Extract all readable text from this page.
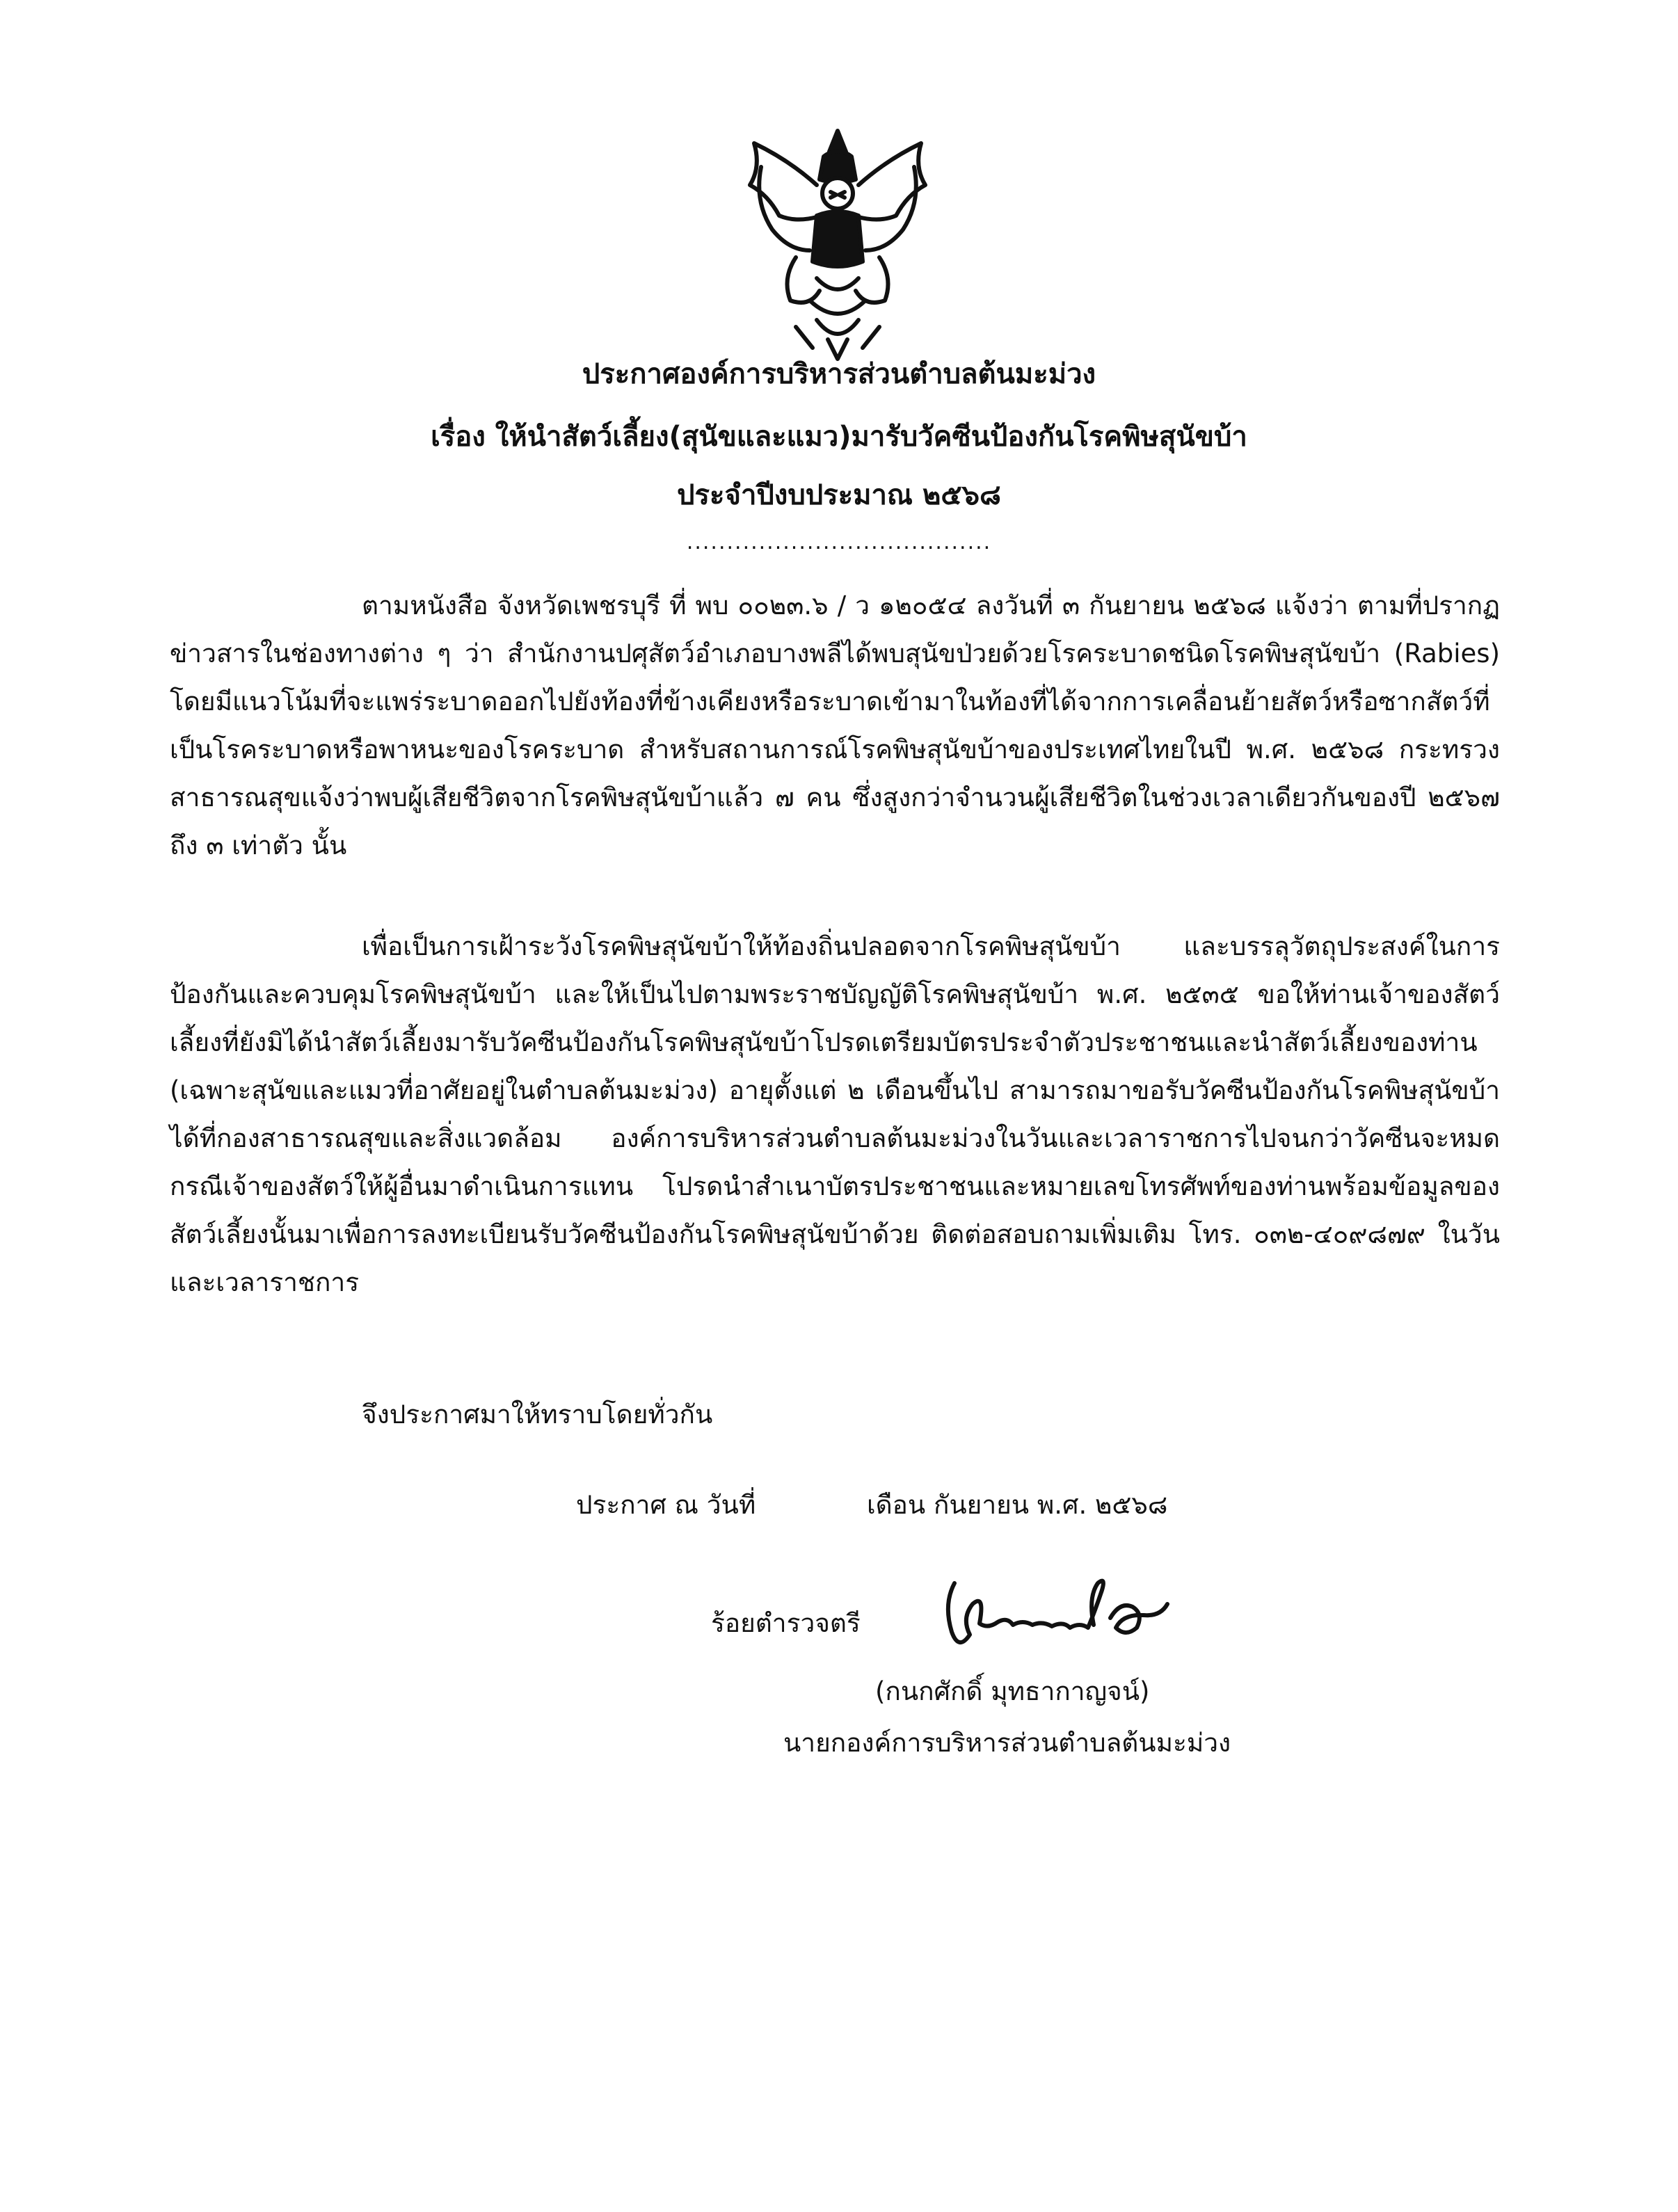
ประกาศองค์การบริหารส่วนตำบลต้นมะม่วง
เรื่อง ให้นำสัตว์เลี้ยง(สุนัขและแมว)มารับวัคซีนป้องกันโรคพิษสุนัขบ้า
ประจำปีงบประมาณ ๒๕๖๘
......................................
ตามหนังสือ จังหวัดเพชรบุรี ที่ พบ ๐๐๒๓.๖ / ว ๑๒๐๕๔ ลงวันที่ ๓ กันยายน ๒๕๖๘ แจ้งว่า ตามที่ปรากฏข่าวสารในช่องทางต่าง ๆ ว่า สำนักงานปศุสัตว์อำเภอบางพลีได้พบสุนัขป่วยด้วยโรคระบาดชนิดโรคพิษสุนัขบ้า (Rabies) โดยมีแนวโน้มที่จะแพร่ระบาดออกไปยังท้องที่ข้างเคียงหรือระบาดเข้ามาในท้องที่ได้จากการเคลื่อนย้ายสัตว์หรือซากสัตว์ที่เป็นโรคระบาดหรือพาหนะของโรคระบาด สำหรับสถานการณ์โรคพิษสุนัขบ้าของประเทศไทยในปี พ.ศ. ๒๕๖๘ กระทรวงสาธารณสุขแจ้งว่าพบผู้เสียชีวิตจากโรคพิษสุนัขบ้าแล้ว ๗ คน ซึ่งสูงกว่าจำนวนผู้เสียชีวิตในช่วงเวลาเดียวกันของปี ๒๕๖๗ ถึง ๓ เท่าตัว นั้น
เพื่อเป็นการเฝ้าระวังโรคพิษสุนัขบ้าให้ท้องถิ่นปลอดจากโรคพิษสุนัขบ้า และบรรลุวัตถุประสงค์ในการป้องกันและควบคุมโรคพิษสุนัขบ้า และให้เป็นไปตามพระราชบัญญัติโรคพิษสุนัขบ้า พ.ศ. ๒๕๓๕ ขอให้ท่านเจ้าของสัตว์เลี้ยงที่ยังมิได้นำสัตว์เลี้ยงมารับวัคซีนป้องกันโรคพิษสุนัขบ้าโปรดเตรียมบัตรประจำตัวประชาชนและนำสัตว์เลี้ยงของท่าน (เฉพาะสุนัขและแมวที่อาศัยอยู่ในตำบลต้นมะม่วง) อายุตั้งแต่ ๒ เดือนขึ้นไป สามารถมาขอรับวัคซีนป้องกันโรคพิษสุนัขบ้าได้ที่กองสาธารณสุขและสิ่งแวดล้อม องค์การบริหารส่วนตำบลต้นมะม่วงในวันและเวลาราชการไปจนกว่าวัคซีนจะหมด กรณีเจ้าของสัตว์ให้ผู้อื่นมาดำเนินการแทน โปรดนำสำเนาบัตรประชาชนและหมายเลขโทรศัพท์ของท่านพร้อมข้อมูลของสัตว์เลี้ยงนั้นมาเพื่อการลงทะเบียนรับวัคซีนป้องกันโรคพิษสุนัขบ้าด้วย ติดต่อสอบถามเพิ่มเติม โทร. ๐๓๒-๔๐๙๘๗๙ ในวันและเวลาราชการ
จึงประกาศมาให้ทราบโดยทั่วกัน
ประกาศ ณ วันที่	เดือน กันยายน พ.ศ. ๒๕๖๘
ร้อยตำรวจตรี
(กนกศักดิ์ มุทธากาญจน์)
นายกองค์การบริหารส่วนตำบลต้นมะม่วง
